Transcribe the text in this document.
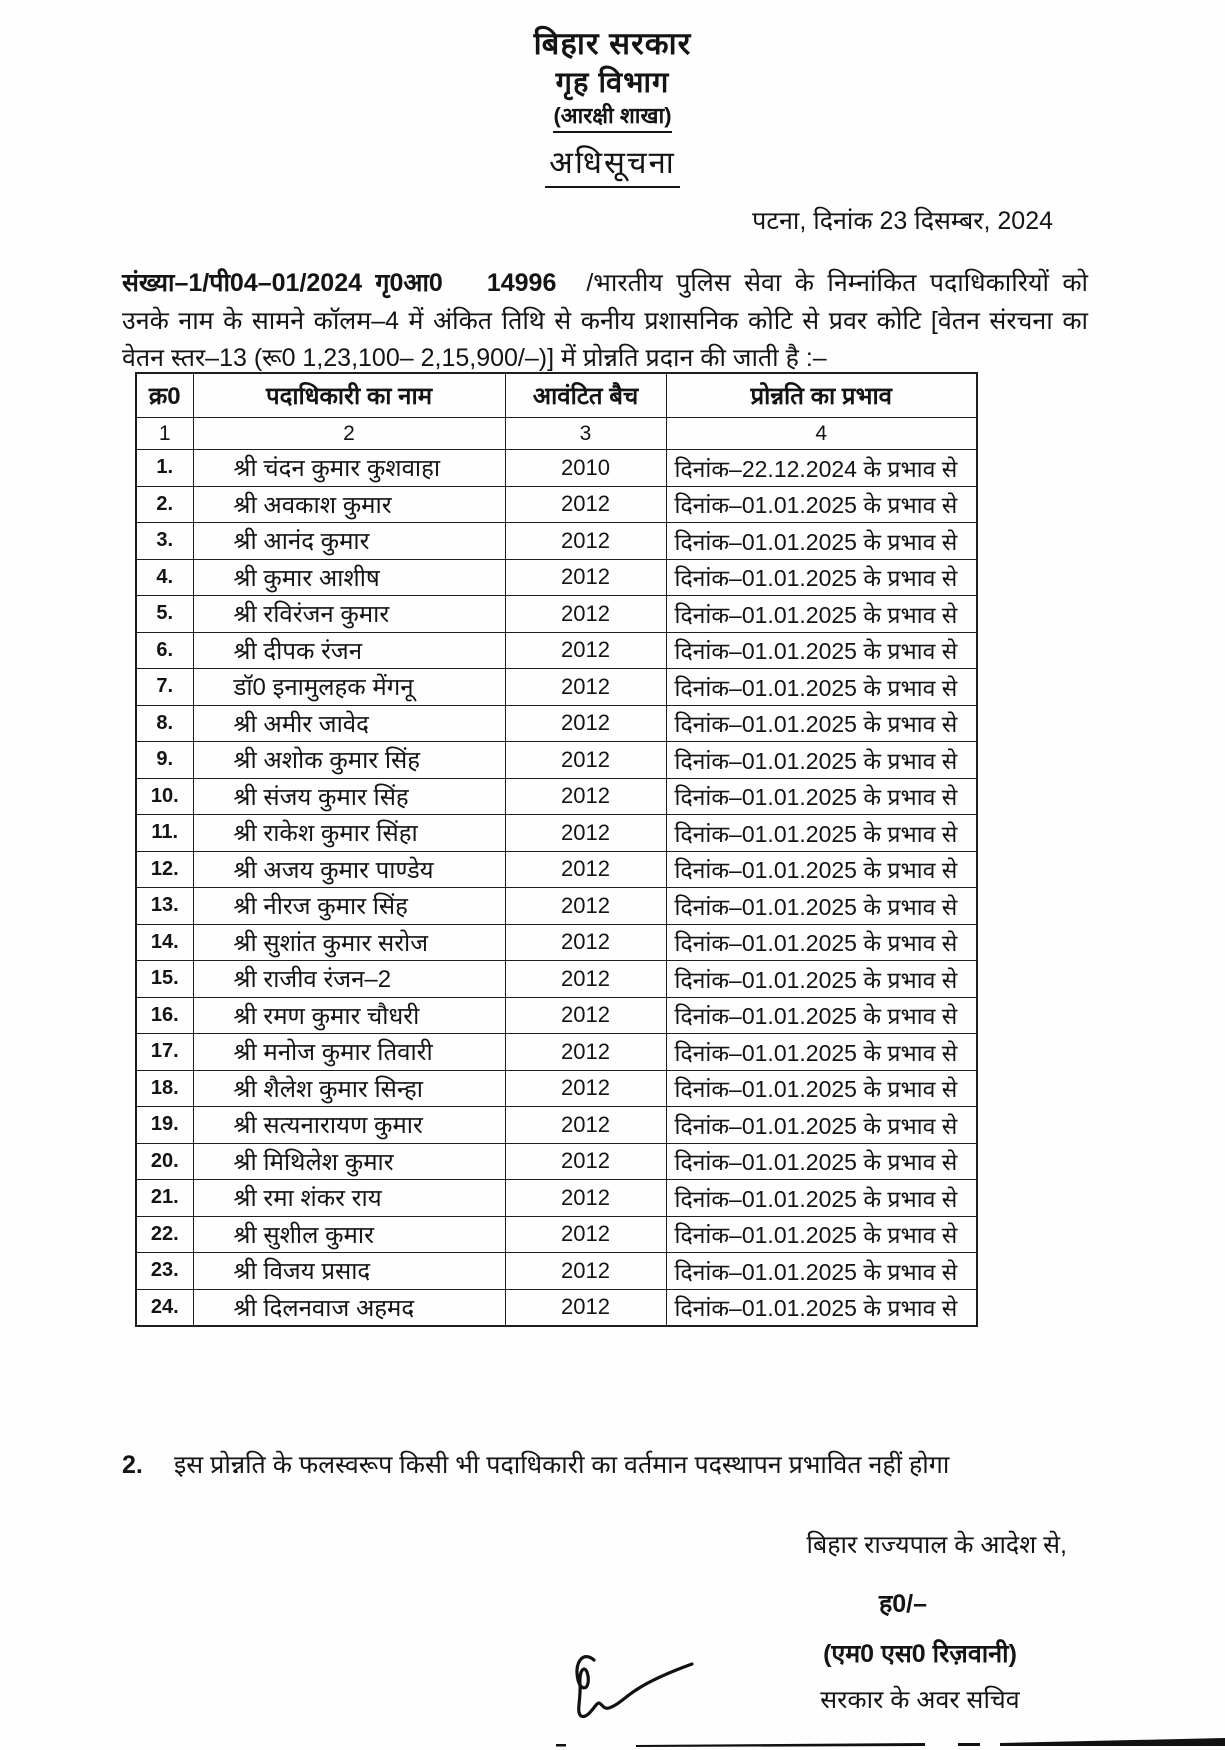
बिहार सरकार
गृह विभाग
(आरक्षी शाखा)
अधिसूचना
पटना, दिनांक 23 दिसम्बर, 2024

संख्या–1/पी04–01/2024 गृ0आ0 14996 /भारतीय पुलिस सेवा के निम्नांकित पदाधिकारियों को उनके नाम के सामने कॉलम–4 में अंकित तिथि से कनीय प्रशासनिक कोटि से प्रवर कोटि [वेतन संरचना का वेतन स्तर–13 (रू0 1,23,100– 2,15,900/–)] में प्रोन्नति प्रदान की जाती है :–

क्र0	पदाधिकारी का नाम	आवंटित बैच	प्रोन्नति का प्रभाव
1	2	3	4
1.	श्री चंदन कुमार कुशवाहा	2010	दिनांक–22.12.2024 के प्रभाव से
2.	श्री अवकाश कुमार	2012	दिनांक–01.01.2025 के प्रभाव से
3.	श्री आनंद कुमार	2012	दिनांक–01.01.2025 के प्रभाव से
4.	श्री कुमार आशीष	2012	दिनांक–01.01.2025 के प्रभाव से
5.	श्री रविरंजन कुमार	2012	दिनांक–01.01.2025 के प्रभाव से
6.	श्री दीपक रंजन	2012	दिनांक–01.01.2025 के प्रभाव से
7.	डॉ0 इनामुलहक मेंगनू	2012	दिनांक–01.01.2025 के प्रभाव से
8.	श्री अमीर जावेद	2012	दिनांक–01.01.2025 के प्रभाव से
9.	श्री अशोक कुमार सिंह	2012	दिनांक–01.01.2025 के प्रभाव से
10.	श्री संजय कुमार सिंह	2012	दिनांक–01.01.2025 के प्रभाव से
11.	श्री राकेश कुमार सिंहा	2012	दिनांक–01.01.2025 के प्रभाव से
12.	श्री अजय कुमार पाण्डेय	2012	दिनांक–01.01.2025 के प्रभाव से
13.	श्री नीरज कुमार सिंह	2012	दिनांक–01.01.2025 के प्रभाव से
14.	श्री सुशांत कुमार सरोज	2012	दिनांक–01.01.2025 के प्रभाव से
15.	श्री राजीव रंजन–2	2012	दिनांक–01.01.2025 के प्रभाव से
16.	श्री रमण कुमार चौधरी	2012	दिनांक–01.01.2025 के प्रभाव से
17.	श्री मनोज कुमार तिवारी	2012	दिनांक–01.01.2025 के प्रभाव से
18.	श्री शैलेश कुमार सिन्हा	2012	दिनांक–01.01.2025 के प्रभाव से
19.	श्री सत्यनारायण कुमार	2012	दिनांक–01.01.2025 के प्रभाव से
20.	श्री मिथिलेश कुमार	2012	दिनांक–01.01.2025 के प्रभाव से
21.	श्री रमा शंकर राय	2012	दिनांक–01.01.2025 के प्रभाव से
22.	श्री सुशील कुमार	2012	दिनांक–01.01.2025 के प्रभाव से
23.	श्री विजय प्रसाद	2012	दिनांक–01.01.2025 के प्रभाव से
24.	श्री दिलनवाज अहमद	2012	दिनांक–01.01.2025 के प्रभाव से
2. इस प्रोन्नति के फलस्वरूप किसी भी पदाधिकारी का वर्तमान पदस्थापन प्रभावित नहीं होगा
बिहार राज्यपाल के आदेश से,
ह0/–
(एम0 एस0 रिज़वानी)
सरकार के अवर सचिव
